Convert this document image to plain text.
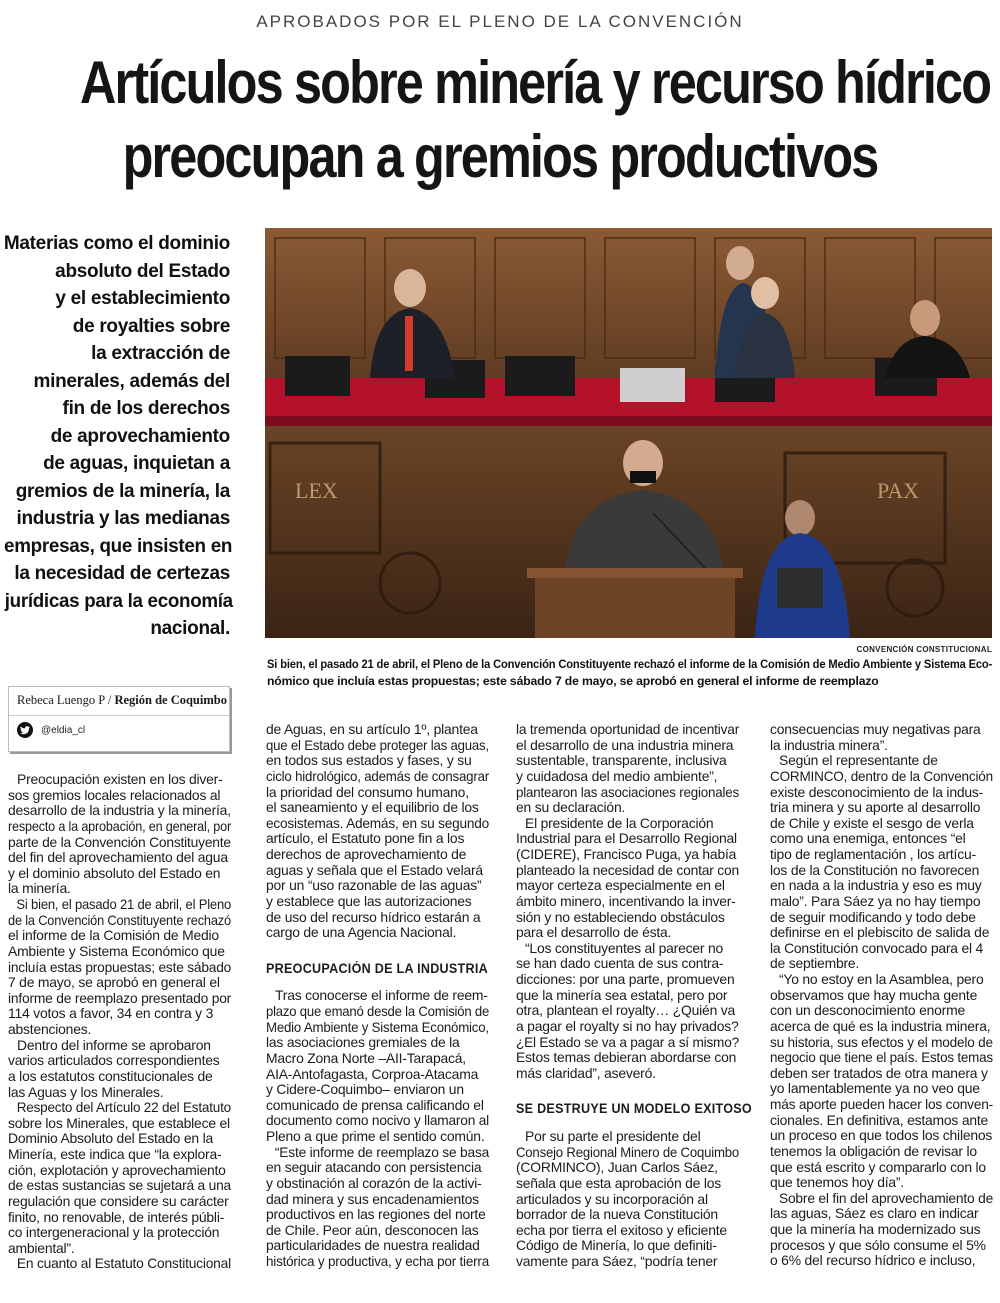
APROBADOS POR EL PLENO DE LA CONVENCIÓN
Artículos sobre minería y recurso hídrico
preocupan a gremios productivos
Materias como el dominio
absoluto del Estado
y el establecimiento
de royalties sobre
la extracción de
minerales, además del
fin de los derechos
de aprovechamiento
de aguas, inquietan a
gremios de la minería, la
industria y las medianas
empresas, que insisten en
la necesidad de certezas
jurídicas para la economía
nacional.
LEX	PAX
CONVENCIÓN CONSTITUCIONAL
Si bien, el pasado 21 de abril, el Pleno de la Convención Constituyente rechazó el informe de la Comisión de Medio Ambiente y Sistema Eco-
nómico que incluía estas propuestas; este sábado 7 de mayo, se aprobó en general el informe de reemplazo
Rebeca Luengo P / Región de Coquimbo
@eldia_cl
Preocupación existen en los diver-
sos gremios locales relacionados al
desarrollo de la industria y la minería,
respecto a la aprobación, en general, por
parte de la Convención Constituyente
del fin del aprovechamiento del agua
y el dominio absoluto del Estado en
la minería.
Si bien, el pasado 21 de abril, el Pleno
de la Convención Constituyente rechazó
el informe de la Comisión de Medio
Ambiente y Sistema Económico que
incluía estas propuestas; este sábado
7 de mayo, se aprobó en general el
informe de reemplazo presentado por
114 votos a favor, 34 en contra y 3
abstenciones.
Dentro del informe se aprobaron
varios articulados correspondientes
a los estatutos constitucionales de
las Aguas y los Minerales.
Respecto del Artículo 22 del Estatuto
sobre los Minerales, que establece el
Dominio Absoluto del Estado en la
Minería, este indica que “la explora-
ción, explotación y aprovechamiento
de estas sustancias se sujetará a una
regulación que considere su carácter
finito, no renovable, de interés públi-
co intergeneracional y la protección
ambiental”.
En cuanto al Estatuto Constitucional
de Aguas, en su artículo 1º, plantea
que el Estado debe proteger las aguas,
en todos sus estados y fases, y su
ciclo hidrológico, además de consagrar
la prioridad del consumo humano,
el saneamiento y el equilibrio de los
ecosistemas. Además, en su segundo
artículo, el Estatuto pone fin a los
derechos de aprovechamiento de
aguas y señala que el Estado velará
por un “uso razonable de las aguas”
y establece que las autorizaciones
de uso del recurso hídrico estarán a
cargo de una Agencia Nacional.
PREOCUPACIÓN DE LA INDUSTRIA
Tras conocerse el informe de reem-
plazo que emanó desde la Comisión de
Medio Ambiente y Sistema Económico,
las asociaciones gremiales de la
Macro Zona Norte –AII-Tarapacá,
AIA-Antofagasta, Corproa-Atacama
y Cidere-Coquimbo– enviaron un
comunicado de prensa calificando el
documento como nocivo y llamaron al
Pleno a que prime el sentido común.
“Este informe de reemplazo se basa
en seguir atacando con persistencia
y obstinación al corazón de la activi-
dad minera y sus encadenamientos
productivos en las regiones del norte
de Chile. Peor aún, desconocen las
particularidades de nuestra realidad
histórica y productiva, y echa por tierra
la tremenda oportunidad de incentivar
el desarrollo de una industria minera
sustentable, transparente, inclusiva
y cuidadosa del medio ambiente”,
plantearon las asociaciones regionales
en su declaración.
El presidente de la Corporación
Industrial para el Desarrollo Regional
(CIDERE), Francisco Puga, ya había
planteado la necesidad de contar con
mayor certeza especialmente en el
ámbito minero, incentivando la inver-
sión y no estableciendo obstáculos
para el desarrollo de ésta.
“Los constituyentes al parecer no
se han dado cuenta de sus contra-
dicciones: por una parte, promueven
que la minería sea estatal, pero por
otra, plantean el royalty… ¿Quién va
a pagar el royalty si no hay privados?
¿El Estado se va a pagar a sí mismo?
Estos temas debieran abordarse con
más claridad”, aseveró.
SE DESTRUYE UN MODELO EXITOSO
Por su parte el presidente del
Consejo Regional Minero de Coquimbo
(CORMINCO), Juan Carlos Sáez,
señala que esta aprobación de los
articulados y su incorporación al
borrador de la nueva Constitución
echa por tierra el exitoso y eficiente
Código de Minería, lo que definiti-
vamente para Sáez, “podría tener
consecuencias muy negativas para
la industria minera”.
Según el representante de
CORMINCO, dentro de la Convención
existe desconocimiento de la indus-
tria minera y su aporte al desarrollo
de Chile y existe el sesgo de verla
como una enemiga, entonces “el
tipo de reglamentación , los artícu-
los de la Constitución no favorecen
en nada a la industria y eso es muy
malo”. Para Sáez ya no hay tiempo
de seguir modificando y todo debe
definirse en el plebiscito de salida de
la Constitución convocado para el 4
de septiembre.
“Yo no estoy en la Asamblea, pero
observamos que hay mucha gente
con un desconocimiento enorme
acerca de qué es la industria minera,
su historia, sus efectos y el modelo de
negocio que tiene el país. Estos temas
deben ser tratados de otra manera y
yo lamentablemente ya no veo que
más aporte pueden hacer los conven-
cionales. En definitiva, estamos ante
un proceso en que todos los chilenos
tenemos la obligación de revisar lo
que está escrito y compararlo con lo
que tenemos hoy día”.
Sobre el fin del aprovechamiento de
las aguas, Sáez es claro en indicar
que la minería ha modernizado sus
procesos y que sólo consume el 5%
o 6% del recurso hídrico e incluso,
